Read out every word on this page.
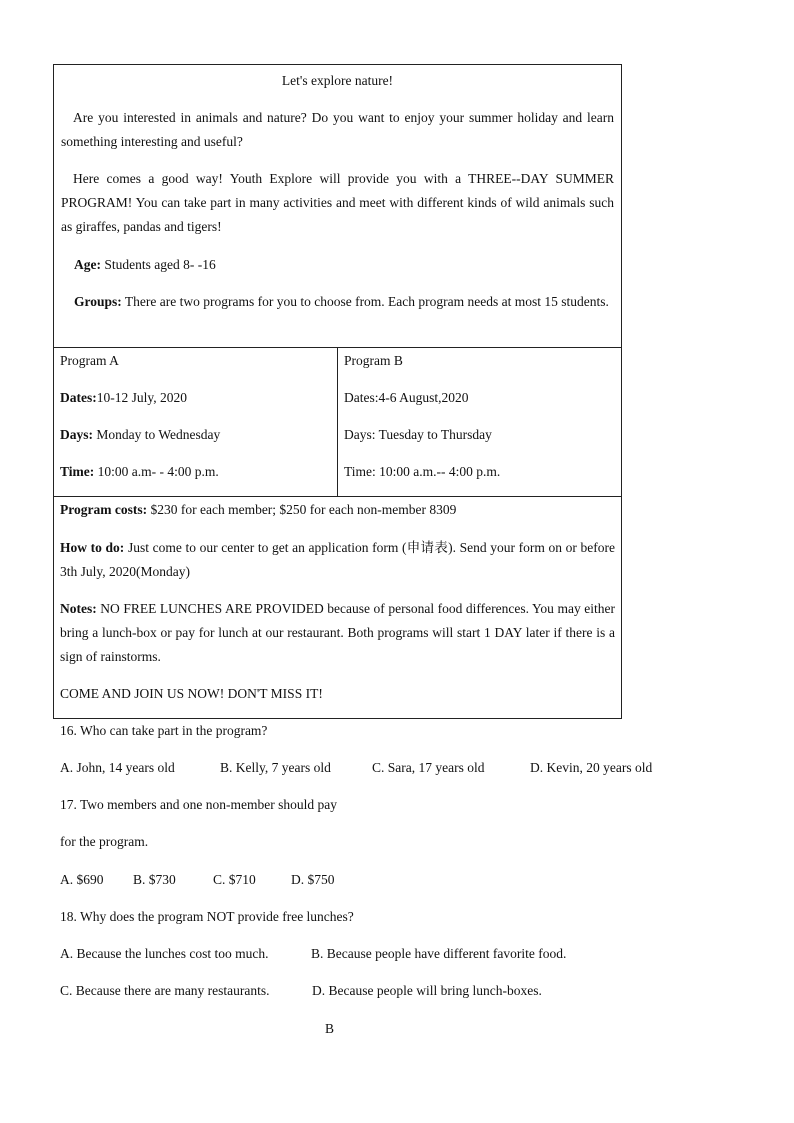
Let's explore nature!
Are you interested in animals and nature? Do you want to enjoy your summer holiday and learn something interesting and useful?
Here comes a good way! Youth Explore will provide you with a THREE--DAY SUMMER PROGRAM! You can take part in many activities and meet with different kinds of wild animals such as giraffes, pandas and tigers!
Age: Students aged 8- -16
Groups: There are two programs for you to choose from. Each program needs at most 15 students.
Program A
Dates:10-12 July, 2020
Days: Monday to Wednesday
Time: 10:00 a.m- - 4:00 p.m.
Program B
Dates:4-6 August,2020
Days: Tuesday to Thursday
Time: 10:00 a.m.-- 4:00 p.m.
Program costs: $230 for each member; $250 for each non-member 8309
How to do: Just come to our center to get an application form (申请表). Send your form on or before 3th July, 2020(Monday)
Notes: NO FREE LUNCHES ARE PROVIDED because of personal food differences. You may either bring a lunch-box or pay for lunch at our restaurant. Both programs will start 1 DAY later if there is a sign of rainstorms.
COME AND JOIN US NOW! DON'T MISS IT!
16. Who can take part in the program?
A. John, 14 years old	B. Kelly, 7 years old	C. Sara, 17 years old	D. Kevin, 20 years old
17. Two members and one non-member should pay
for the program.
A. $690 B. $730	C. $710	D. $750
18. Why does the program NOT provide free lunches?
A. Because the lunches cost too much.	B. Because people have different favorite food.
C. Because there are many restaurants.	D. Because people will bring lunch-boxes.
B
